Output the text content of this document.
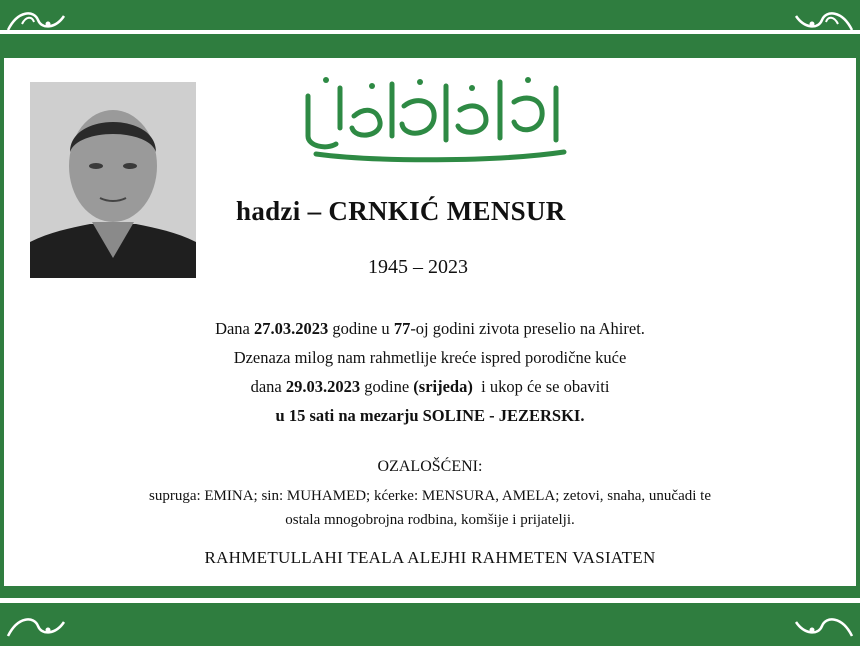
hadzi – CRNKIĆ MENSUR
1945 – 2023
Dana 27.03.2023 godine u 77-oj godini zivota preselio na Ahiret.
Dzenaza milog nam rahmetlije kreće ispred porodične kuće
dana 29.03.2023 godine (srijeda)  i ukop će se obaviti
u 15 sati na mezarju SOLINE - JEZERSKI.
OZALOŠĆENI:
supruga: EMINA; sin: MUHAMED; kćerke: MENSURA, AMELA; zetovi, snaha, unučadi te
ostala mnogobrojna rodbina, komšije i prijatelji.
RAHMETULLAHI TEALA ALEJHI RAHMETEN VASIATEN
